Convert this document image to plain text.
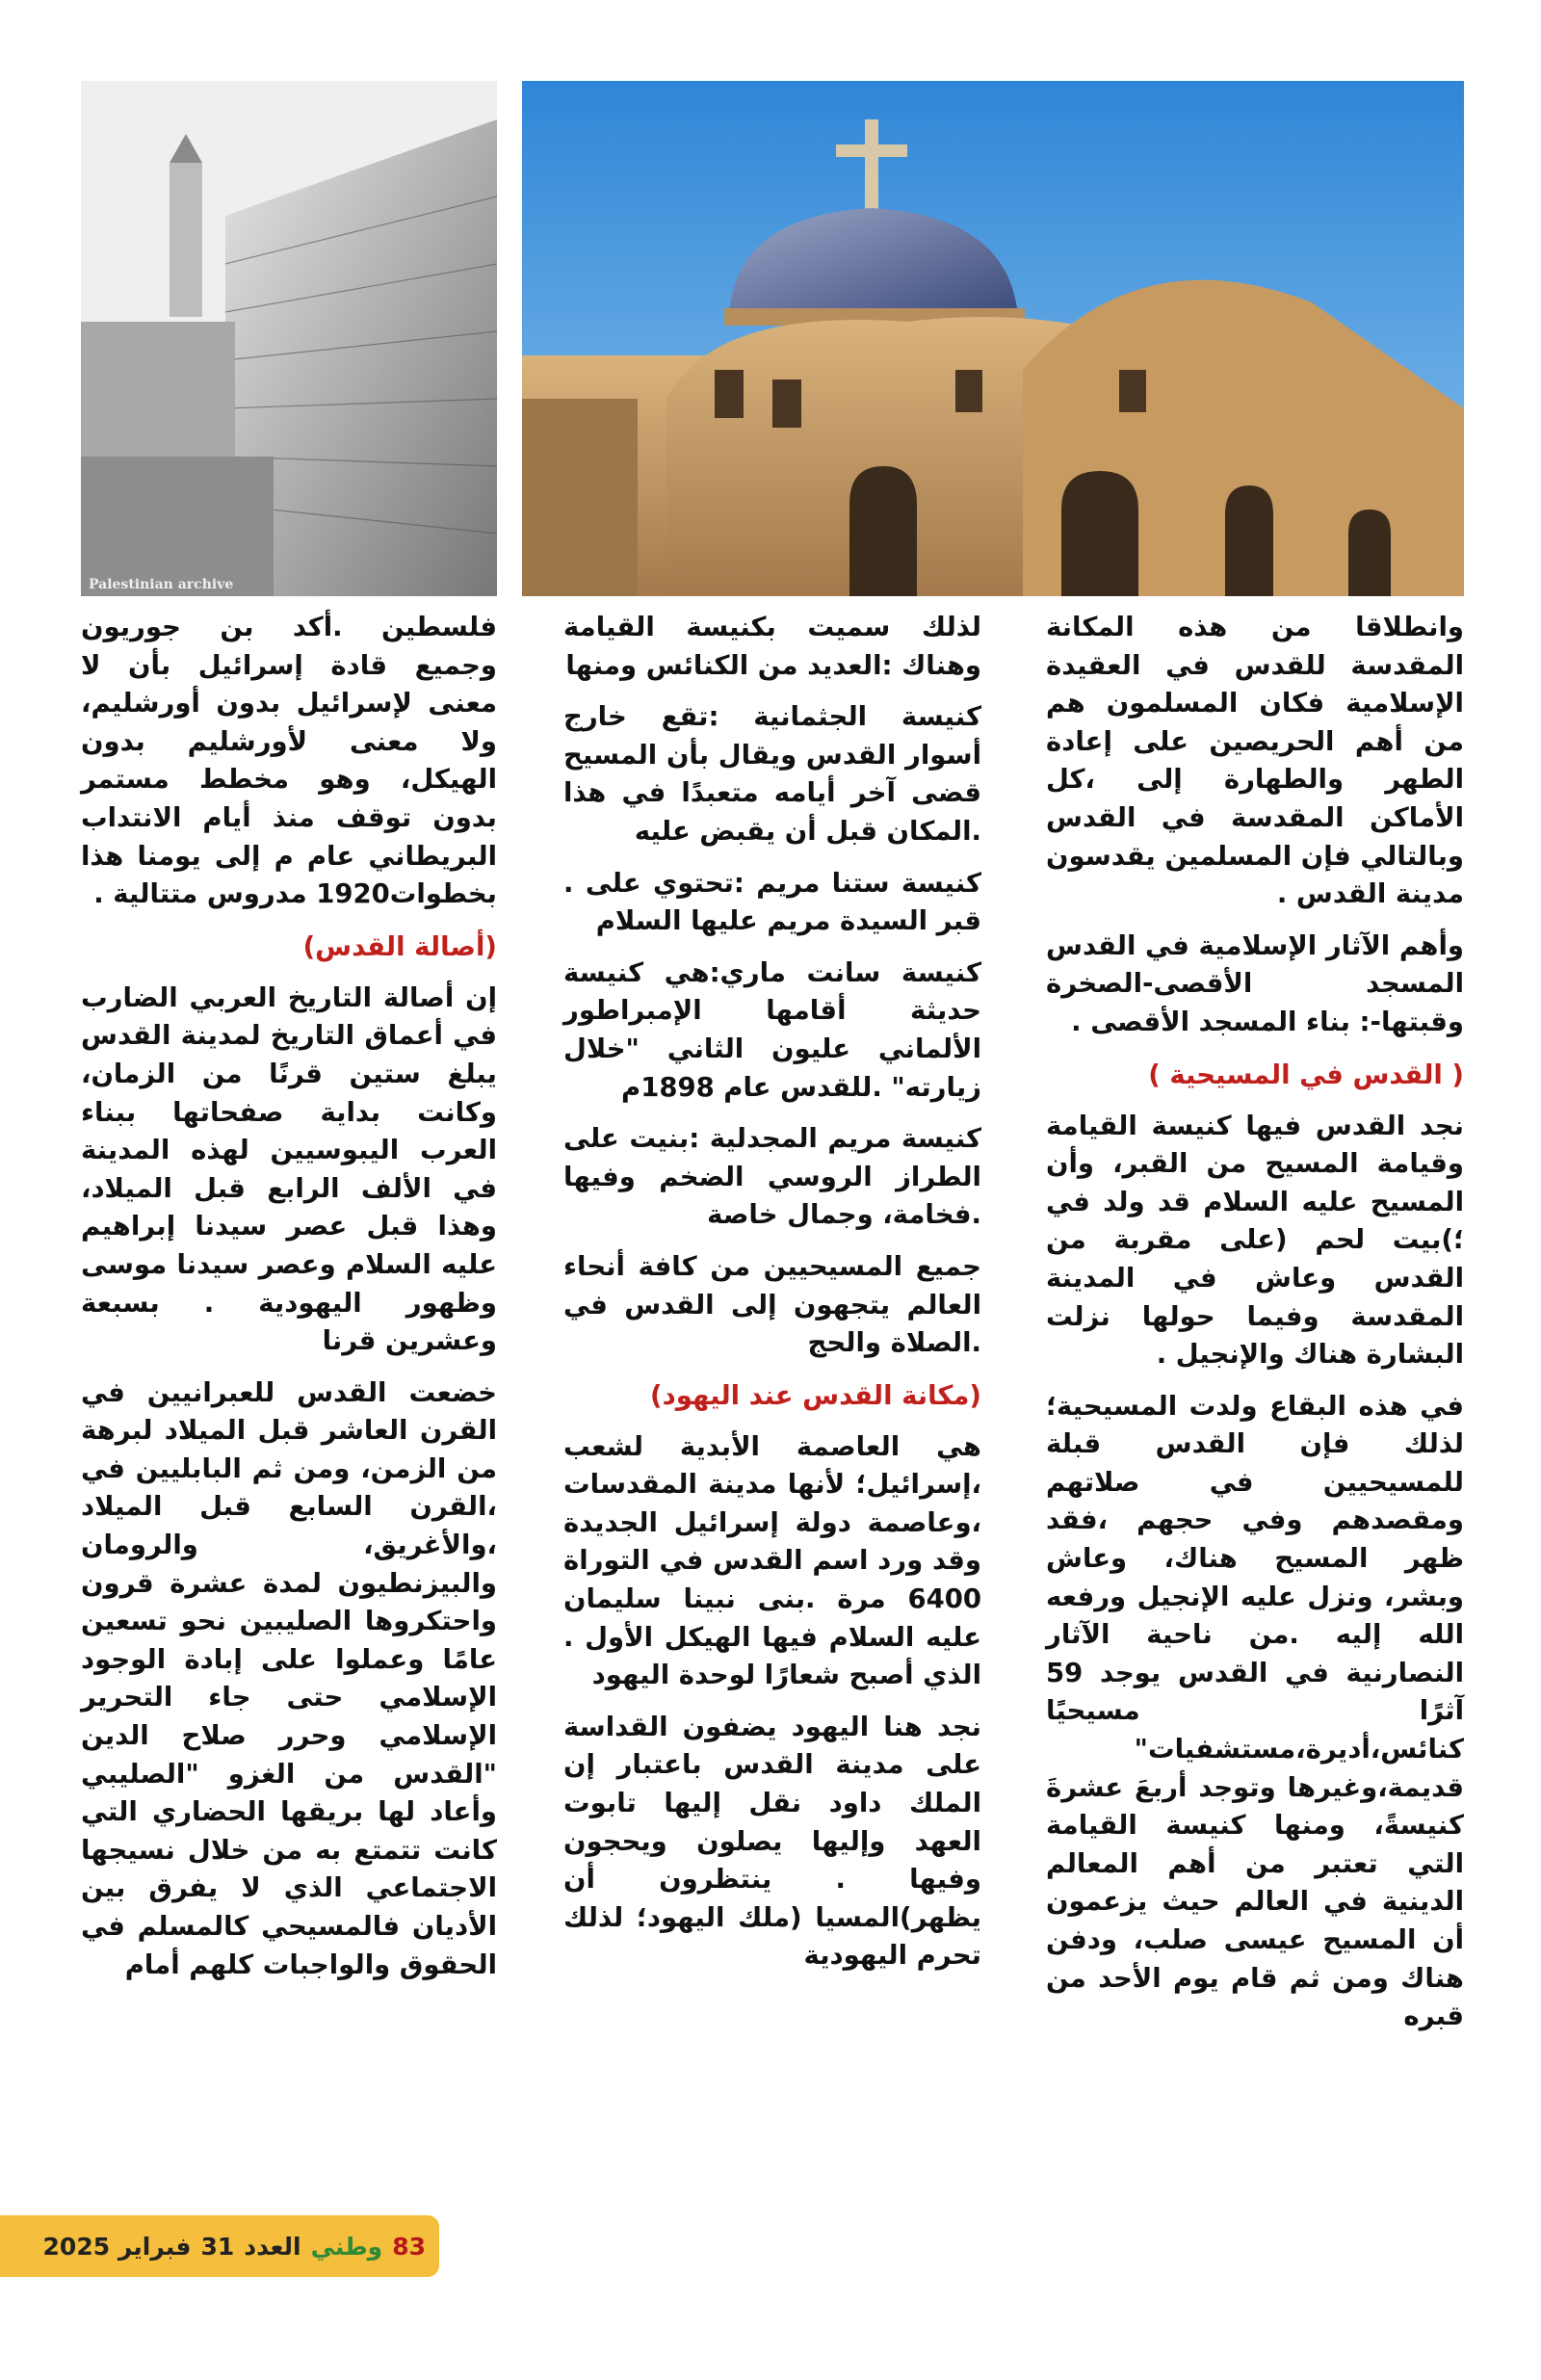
Palestinian archive

وانطلاقا من هذه المكانة المقدسة للقدس في العقيدة الإسلامية فكان المسلمون هم من أهم الحريصين على إعادة الطهر والطهارة إلى ،كل الأماكن المقدسة في القدس وبالتالي فإن المسلمين يقدسون مدينة القدس .

وأهم الآثار الإسلامية في القدس المسجد الأقصى-الصخرة وقبتها-: بناء المسجد الأقصى .

( القدس في المسيحية )

نجد القدس فيها كنيسة القيامة وقيامة المسيح من القبر، وأن المسيح عليه السلام قد ولد في ؛)بيت لحم (على مقربة من القدس وعاش في المدينة المقدسة وفيما حولها نزلت البشارة هناك والإنجيل .

في هذه البقاع ولدت المسيحية؛ لذلك فإن القدس قبلة للمسيحيين في صلاتهم ومقصدهم وفي حجهم ،فقد ظهر المسيح هناك، وعاش وبشر، ونزل عليه الإنجيل ورفعه الله إليه .من ناحية الآثار النصارنية في القدس يوجد 59 آثرًا مسيحيًا كنائس،أديرة،مستشفيات" قديمة،وغيرها وتوجد أربعَ عشرةَ كنيسةً، ومنها كنيسة القيامة التي تعتبر من أهم المعالم الدينية في العالم حيث يزعمون أن المسيح عيسى صلب، ودفن هناك ومن ثم قام يوم الأحد من قبره

لذلك سميت بكنيسة القيامة وهناك :العديد من الكنائس ومنها

كنيسة الجثمانية :تقع خارج أسوار القدس ويقال بأن المسيح قضى آخر أيامه متعبدًا في هذا .المكان قبل أن يقبض عليه

كنيسة ستنا مريم :تحتوي على . قبر السيدة مريم عليها السلام

كنيسة سانت ماري:هي كنيسة حديثة أقامها الإمبراطور الألماني عليون الثاني "خلال زيارته" .للقدس عام 1898م

كنيسة مريم المجدلية :بنيت على الطراز الروسي الضخم وفيها .فخامة، وجمال خاصة

جميع المسيحيين من كافة أنحاء العالم يتجهون إلى القدس في .الصلاة والحج

(مكانة القدس عند اليهود)

هي العاصمة الأبدية لشعب ،إسرائيل؛ لأنها مدينة المقدسات ،وعاصمة دولة إسرائيل الجديدة وقد ورد اسم القدس في التوراة 6400 مرة .بنى نبينا سليمان عليه السلام فيها الهيكل الأول . الذي أصبح شعارًا لوحدة اليهود

نجد هنا اليهود يضفون القداسة على مدينة القدس باعتبار إن الملك داود نقل إليها تابوت العهد وإليها يصلون ويحجون وفيها . ينتظرون أن يظهر)المسيا (ملك اليهود؛ لذلك تحرم اليهودية

فلسطين .أكد بن جوريون وجميع قادة إسرائيل بأن لا معنى لإسرائيل بدون أورشليم، ولا معنى لأورشليم بدون الهيكل، وهو مخطط مستمر بدون توقف منذ أيام الانتداب البريطاني عام م إلى يومنا هذا بخطوات1920 مدروس متتالية .

(أصالة القدس)

إن أصالة التاريخ العربي الضارب في أعماق التاريخ لمدينة القدس يبلغ ستين قرنًا من الزمان، وكانت بداية صفحاتها ببناء العرب اليبوسيين لهذه المدينة في الألف الرابع قبل الميلاد، وهذا قبل عصر سيدنا إبراهيم عليه السلام وعصر سيدنا موسى وظهور اليهودية . بسبعة وعشرين قرنا

خضعت القدس للعبرانيين في القرن العاشر قبل الميلاد لبرهة من الزمن، ومن ثم البابليين في ،القرن السابع قبل الميلاد ،والأغريق، والرومان والبيزنطيون لمدة عشرة قرون واحتكروها الصليبين نحو تسعين عامًا وعملوا على إبادة الوجود الإسلامي حتى جاء التحرير الإسلامي وحرر صلاح الدين "القدس من الغزو "الصليبي وأعاد لها بريقها الحضاري التي كانت تتمتع به من خلال نسيجها الاجتماعي الذي لا يفرق بين الأديان فالمسيحي كالمسلم في الحقوق والواجبات كلهم أمام

فبراير 2025 31 العدد وطني 83
